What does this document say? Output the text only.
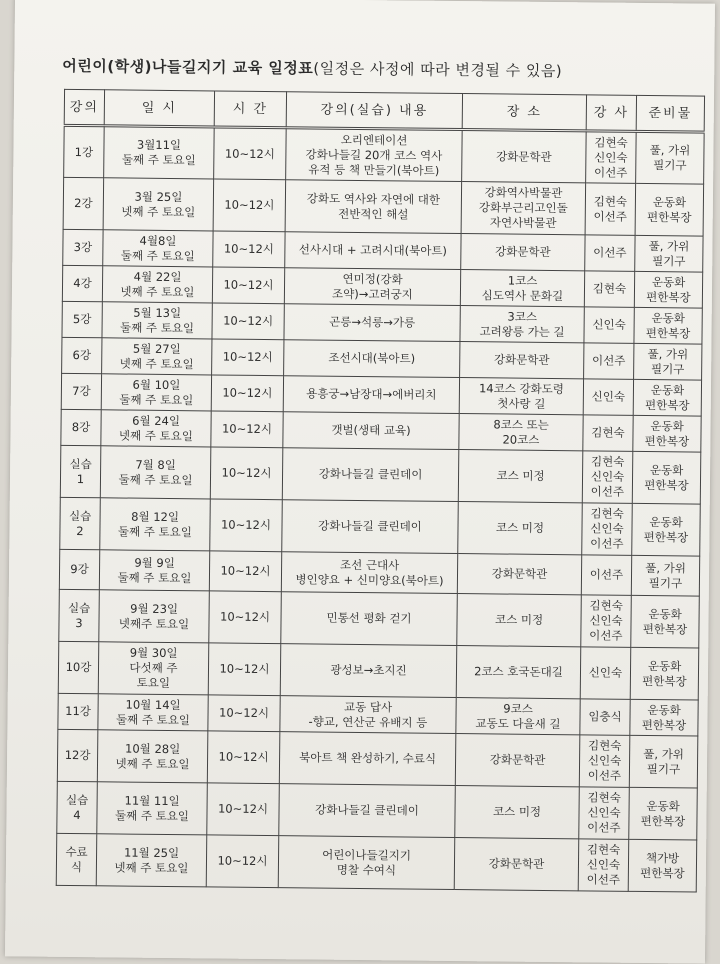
어린이(학생)나들길지기 교육 일정표(일정은 사정에 따라 변경될 수 있음)
강의	일 시	시 간	강의(실습) 내용	장 소	강 사	준비물
1강	3월11일
둘째 주 토요일	10~12시	오리엔테이션
강화나들길 20개 코스 역사
유적 등 책 만들기(북아트)	강화문학관	김현숙
신인숙
이선주	풀, 가위
필기구
2강	3월 25일
넷째 주 토요일	10~12시	강화도 역사와 자연에 대한
전반적인 해설	강화역사박물관
강화부근리고인돌
자연사박물관	김현숙
이선주	운동화
편한복장
3강	4월8일
둘째 주 토요일	10~12시	선사시대 + 고려시대(북아트)	강화문학관	이선주	풀, 가위
필기구
4강	4월 22일
넷째 주 토요일	10~12시	연미정(강화
조약)→고려궁지	1코스
심도역사 문화길	김현숙	운동화
편한복장
5강	5월 13일
둘째 주 토요일	10~12시	곤릉→석릉→가릉	3코스
고려왕릉 가는 길	신인숙	운동화
편한복장
6강	5월 27일
넷째 주 토요일	10~12시	조선시대(북아트)	강화문학관	이선주	풀, 가위
필기구
7강	6월 10일
둘째 주 토요일	10~12시	용흥궁→남장대→에버리치	14코스 강화도령
첫사랑 길	신인숙	운동화
편한복장
8강	6월 24일
넷째 주 토요일	10~12시	갯벌(생태 교육)	8코스 또는
20코스	김현숙	운동화
편한복장
실습
1	7월 8일
둘째 주 토요일	10~12시	강화나들길 클린데이	코스 미정	김현숙
신인숙
이선주	운동화
편한복장
실습
2	8월 12일
둘째 주 토요일	10~12시	강화나들길 클린데이	코스 미정	김현숙
신인숙
이선주	운동화
편한복장
9강	9월 9일
둘째 주 토요일	10~12시	조선 근대사
병인양요 + 신미양요(북아트)	강화문학관	이선주	풀, 가위
필기구
실습
3	9월 23일
넷째주 토요일	10~12시	민통선 평화 걷기	코스 미정	김현숙
신인숙
이선주	운동화
편한복장
10강	9월 30일
다섯째 주
토요일	10~12시	광성보→초지진	2코스 호국돈대길	신인숙	운동화
편한복장
11강	10월 14일
둘째 주 토요일	10~12시	교동 답사
-향교, 연산군 유배지 등	9코스
교동도 다을새 길	임충식	운동화
편한복장
12강	10월 28일
넷째 주 토요일	10~12시	북아트 책 완성하기, 수료식	강화문학관	김현숙
신인숙
이선주	풀, 가위
필기구
실습
4	11월 11일
둘째 주 토요일	10~12시	강화나들길 클린데이	코스 미정	김현숙
신인숙
이선주	운동화
편한복장
수료
식	11월 25일
넷째 주 토요일	10~12시	어린이나들길지기
명찰 수여식	강화문학관	김현숙
신인숙
이선주	책가방
편한복장
